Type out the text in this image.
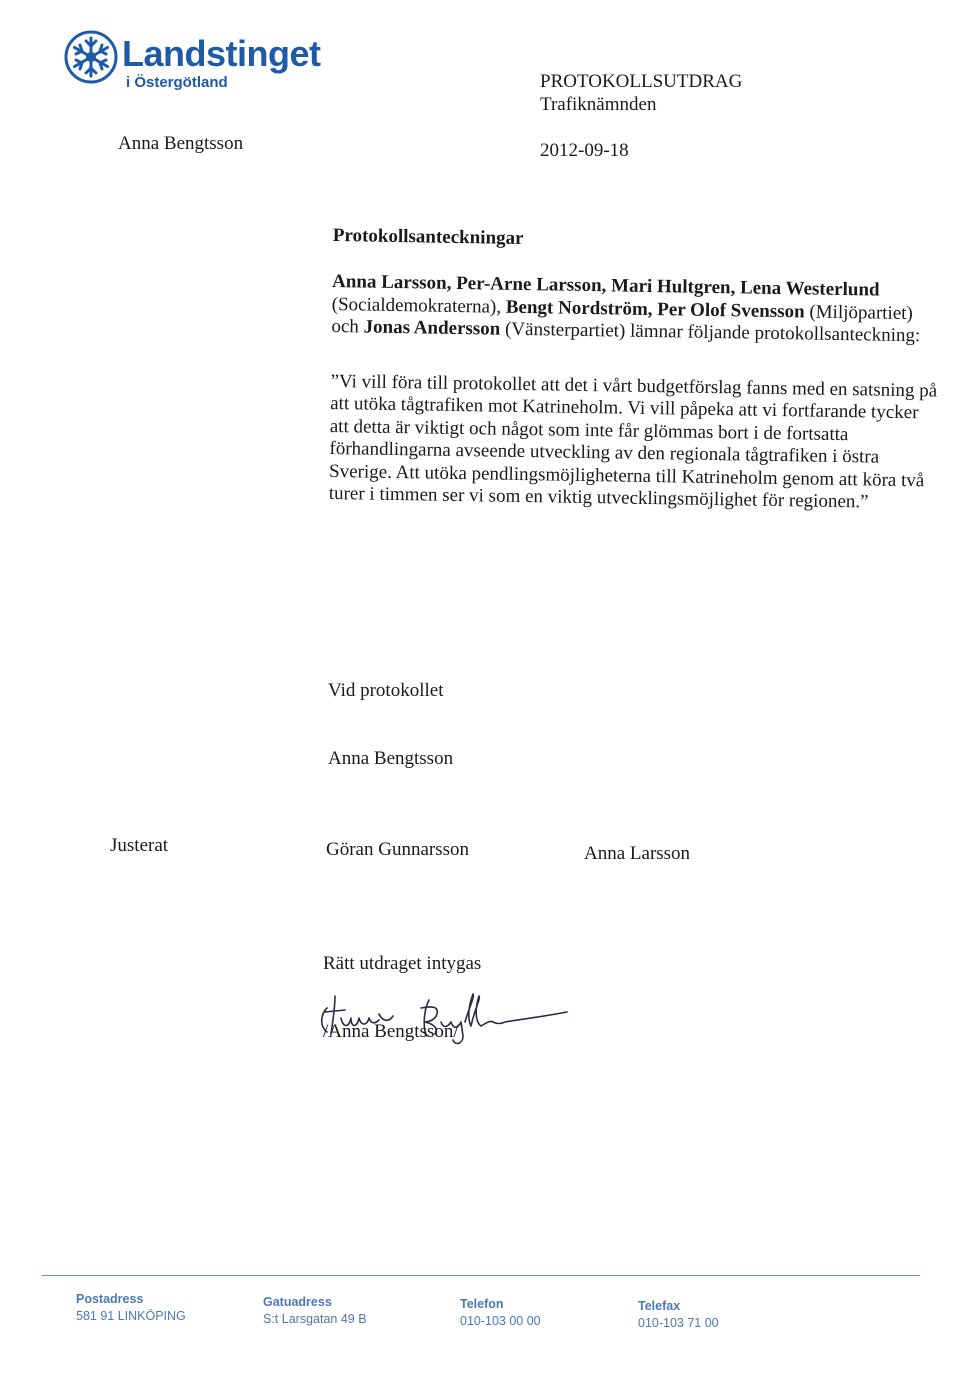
Landstinget
i Östergötland	PROTOKOLLSUTDRAG
Trafiknämnden
Anna Bengtsson	2012-09-18

Protokollsanteckningar

Anna Larsson, Per-Arne Larsson, Mari Hultgren, Lena Westerlund (Socialdemokraterna), Bengt Nordström, Per Olof Svensson (Miljöpartiet) och Jonas Andersson (Vänsterpartiet) lämnar följande protokollsanteckning:

”Vi vill föra till protokollet att det i vårt budgetförslag fanns med en satsning på att utöka tågtrafiken mot Katrineholm. Vi vill påpeka att vi fortfarande tycker att detta är viktigt och något som inte får glömmas bort i de fortsatta förhandlingarna avseende utveckling av den regionala tågtrafiken i östra Sverige. Att utöka pendlingsmöjligheterna till Katrineholm genom att köra två turer i timmen ser vi som en viktig utvecklingsmöjlighet för regionen.”

Vid protokollet
Anna Bengtsson
Justerat	Göran Gunnarsson	Anna Larsson
Rätt utdraget intygas
/Anna Bengtsson/
Postadress
581 91 LINKÖPING
Gatuadress
S:t Larsgatan 49 B
Telefon
010-103 00 00
Telefax
010-103 71 00
